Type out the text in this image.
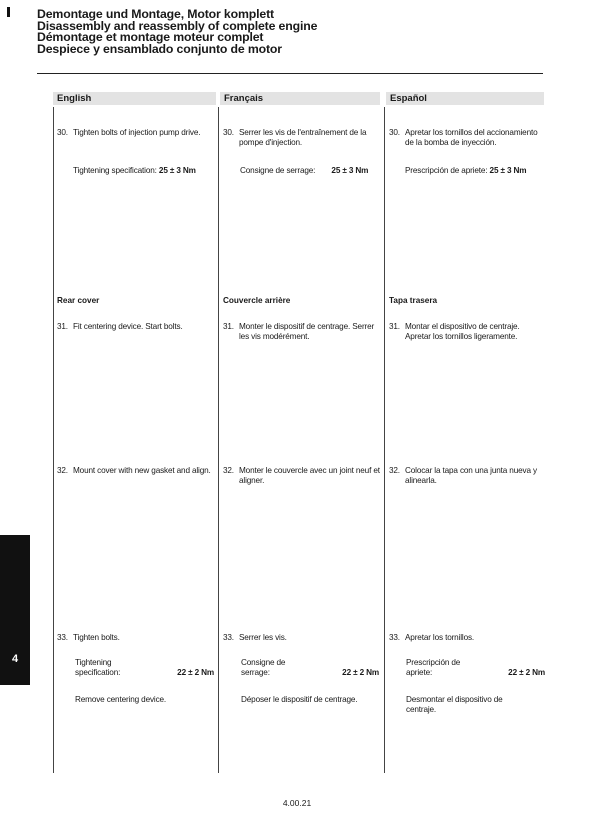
Demontage und Montage, Motor komplett
Disassembly and reassembly of complete engine
Démontage et montage moteur complet
Despiece y ensamblado conjunto de motor
English	Français	Español
30. Tighten bolts of injection pump drive.
Tightening specification: 25 ± 3 Nm
Rear cover
31. Fit centering device. Start bolts.
32. Mount cover with new gasket and align.
33. Tighten bolts.
Tightening specification:	22 ± 2 Nm
Remove centering device.
30. Serrer les vis de l'entraînement de la pompe d'injection.
Consigne de serrage: 25 ± 3 Nm
Couvercle arrière
31. Monter le dispositif de centrage. Serrer les vis modérément.
32. Monter le couvercle avec un joint neuf et aligner.
33. Serrer les vis.
Consigne de serrage:	22 ± 2 Nm
Déposer le dispositif de centrage.
30. Apretar los tornillos del accionamiento de la bomba de inyección.
Prescripción de apriete: 25 ± 3 Nm
Tapa trasera
31. Montar el dispositivo de centraje. Apretar los tornillos ligeramente.
32. Colocar la tapa con una junta nueva y alinearla.
33. Apretar los tornillos.
Prescripción de apriete:	22 ± 2 Nm
Desmontar el dispositivo de centraje.
4
4.00.21
